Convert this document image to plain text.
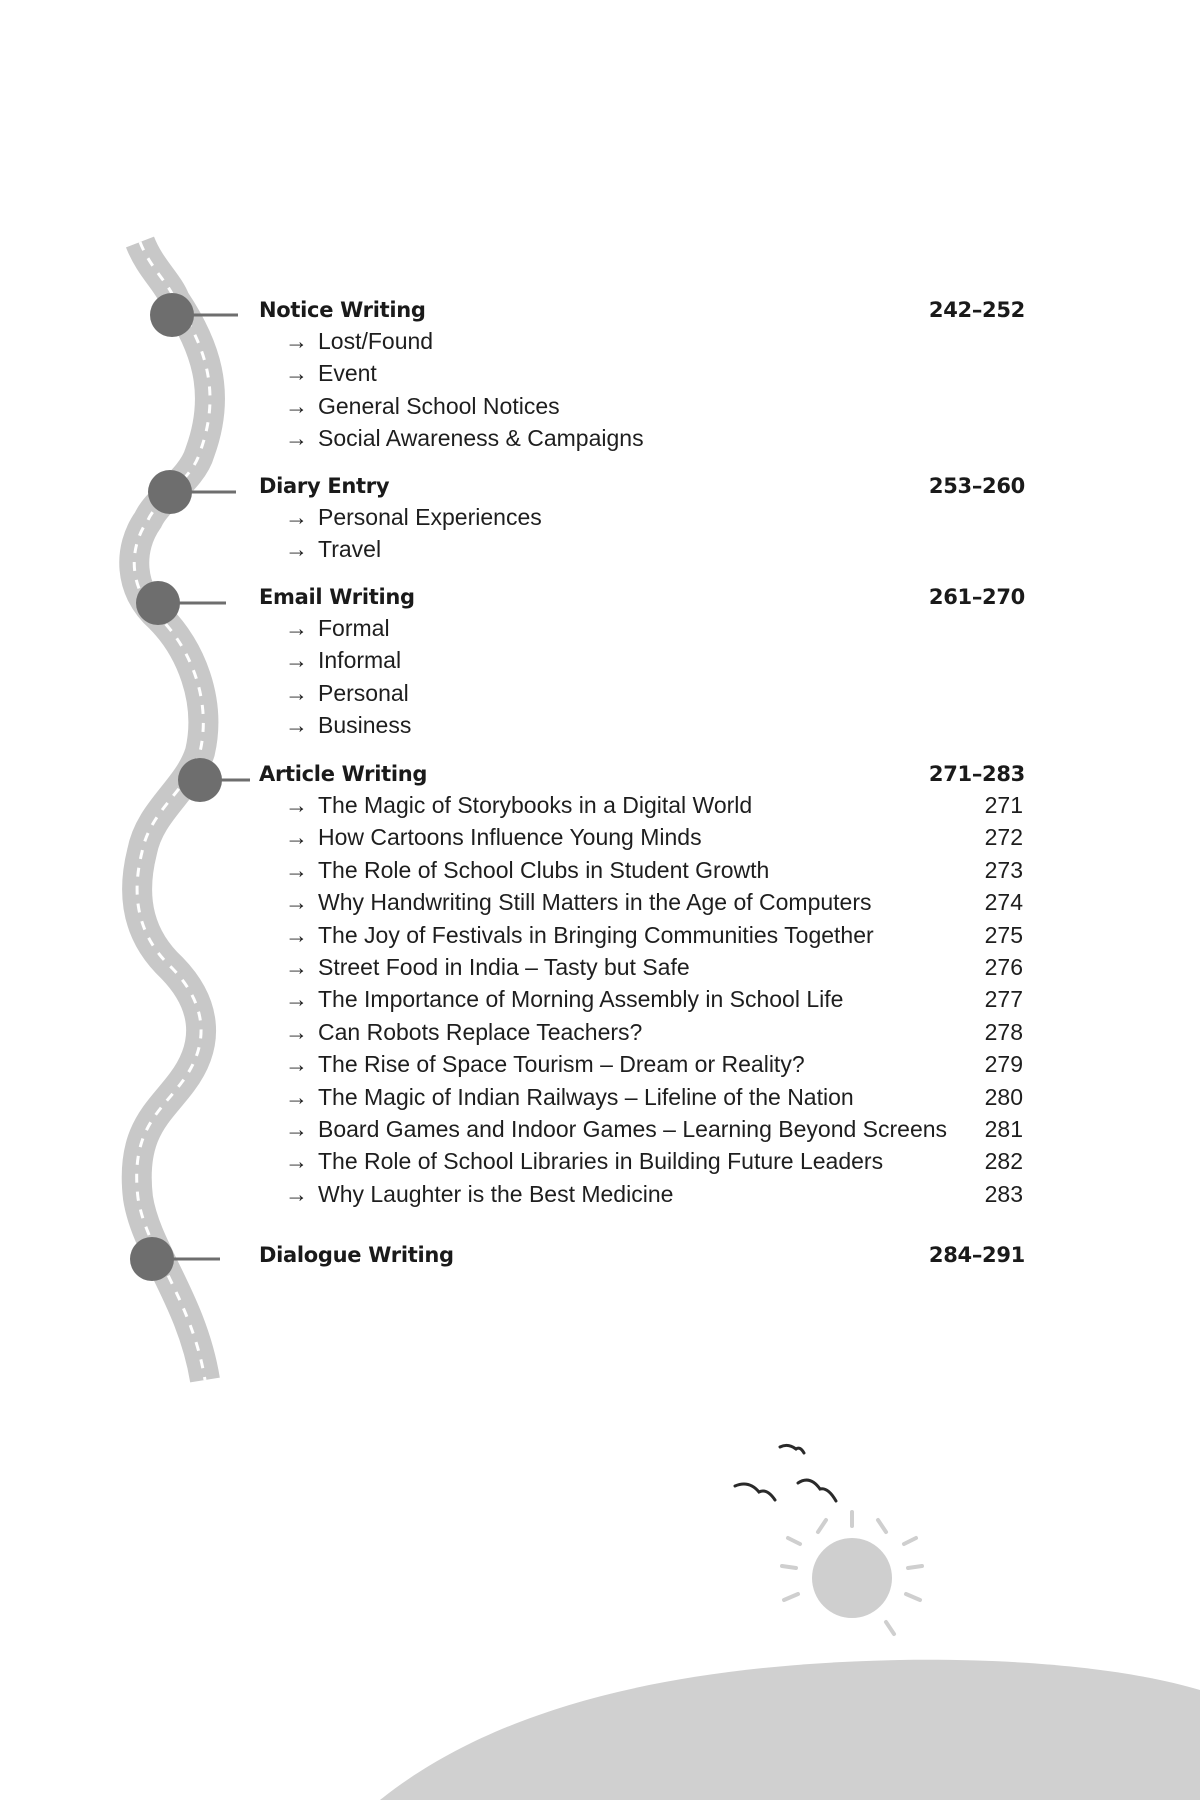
Notice Writing	242–252
→ Lost/Found
→ Event
→ General School Notices
→ Social Awareness & Campaigns
Diary Entry	253–260
→ Personal Experiences
→ Travel
Email Writing	261–270
→ Formal
→ Informal
→ Personal
→ Business
Article Writing	271–283
→ The Magic of Storybooks in a Digital World	271
→ How Cartoons Influence Young Minds	272
→ The Role of School Clubs in Student Growth	273
→ Why Handwriting Still Matters in the Age of Computers	274
→ The Joy of Festivals in Bringing Communities Together	275
→ Street Food in India – Tasty but Safe	276
→ The Importance of Morning Assembly in School Life	277
→ Can Robots Replace Teachers?	278
→ The Rise of Space Tourism – Dream or Reality?	279
→ The Magic of Indian Railways – Lifeline of the Nation	280
→ Board Games and Indoor Games – Learning Beyond Screens 281
→ The Role of School Libraries in Building Future Leaders	282
→ Why Laughter is the Best Medicine	283
Dialogue Writing	284–291
